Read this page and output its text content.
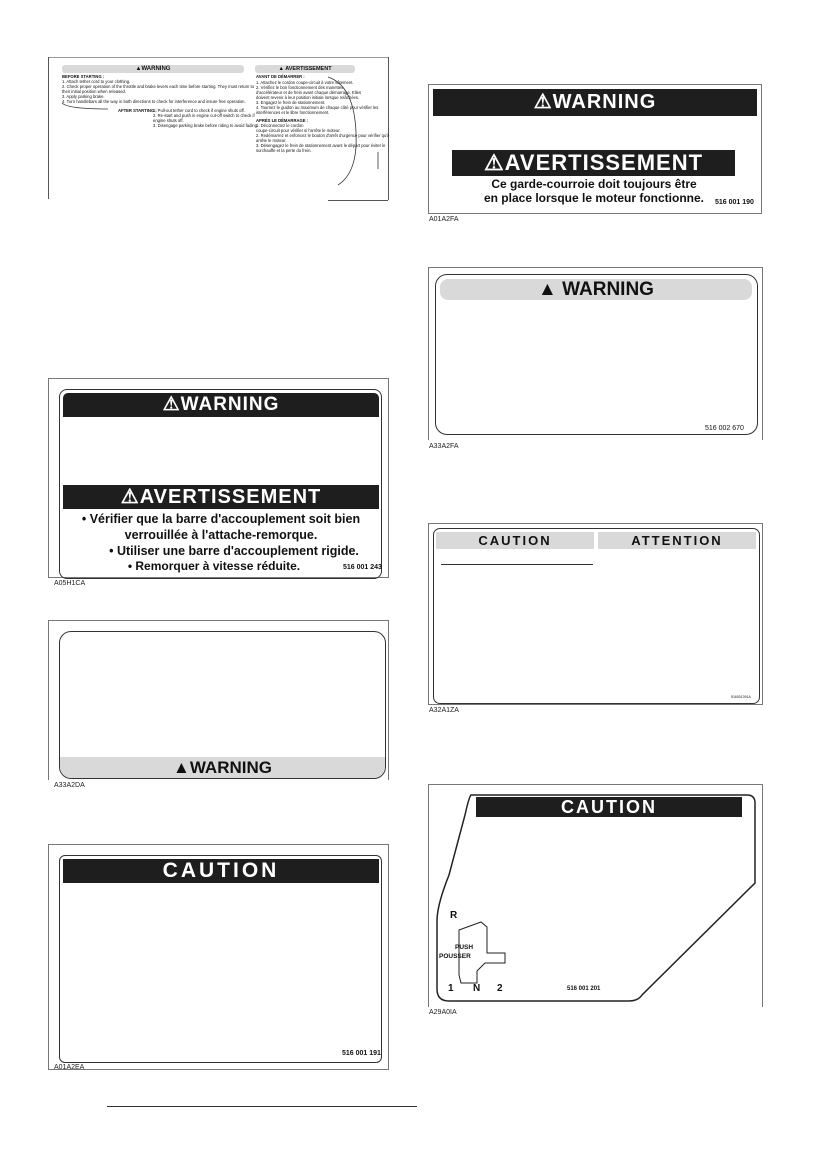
▲WARNING	▲ AVERTISSEMENT
BEFORE STARTING :
1. Attach tether cord to your clothing.
2. Check proper operation of the throttle and brake levers each time before starting. They must return to
their initial position when released.
3. Apply parking brake.
4. Turn handlebars all the way in both directions to check for interference and insure free operation.
AFTER STARTING :
1. Pull-out tether cord to check if engine shuts off.
2. Re-start and push in engine cut-off switch to check if
engine shuts off.
3. Disengage parking brake before riding to avoid fading.
AVANT DE DÉMARRER :
1. Attachez le cordon coupe-circuit à votre vêtement.
2. Vérifiez le bon fonctionnement des manettes
d'accélérateur et de frein avant chaque démarrage. Elles
doivent revenir à leur position initiale lorsque relâchées.
3. Engagez le frein de stationnement.
4. Tournez le guidon au maximum de chaque côté pour vérifier les
interférences et le libre fonctionnement.
APRÈS LE DÉMARRAGE :
1. Déconnectez le cordon
coupe-circuit pour vérifier si l'arrête le moteur.
2. Redémarrez et enfoncez le bouton d'arrêt d'urgence pour vérifier qu'il
arrête le moteur.
3. Désengagez le frein de stationnement avant le départ pour éviter le
surchauffe et la perte du frein.
⚠WARNING
⚠AVERTISSEMENT
Ce garde-courroie doit toujours être
en place lorsque le moteur fonctionne.	516 001 190
A01A2FA
▲ WARNING
516 002 670
A33A2FA
⚠WARNING
⚠AVERTISSEMENT
• Vérifier que la barre d'accouplement soit bien
verrouillée à l'attache-remorque.
• Utiliser une barre d'accouplement rigide.
• Remorquer à vitesse réduite.	516 001 243
A05H1CA
CAUTION	ATTENTION
516001391A
A32A1ZA
▲WARNING
A33A2DA
CAUTION
R
PUSH
POUSSER
1 N 2	516 001 201
A29A0IA
CAUTION
516 001 191
A01A2EA
